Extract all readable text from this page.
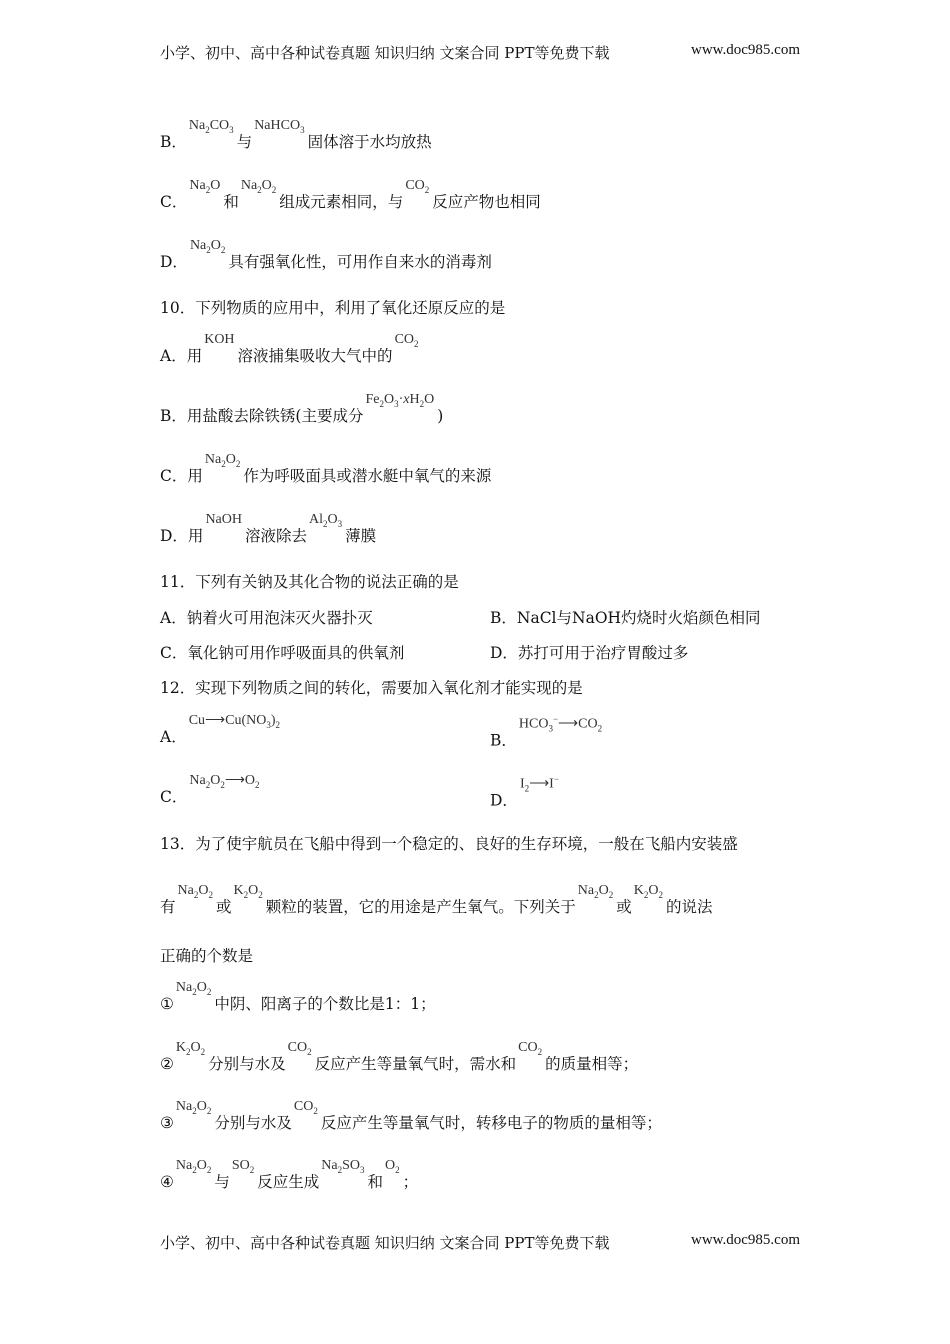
小学、初中、高中各种试卷真题 知识归纳 文案合同 PPT等免费下载	www.doc985.com
B．$Na_2CO_3$与NaHCO$_3$固体溶于水均放热
C．$Na_2O$和$Na_2O_2$组成元素相同，与$CO_2$反应产物也相同
D．$Na_2O_2$具有强氧化性，可用作自来水的消毒剂
10．下列物质的应用中，利用了氧化还原反应的是
A．用KOH溶液捕集吸收大气中的$CO_2$
B．用盐酸去除铁锈(主要成分$Fe_2O_3\cdot xH_2O$)
C．用$Na_2O_2$作为呼吸面具或潜水艇中氧气的来源
D．用NaOH溶液除去$Al_2O_3$薄膜
11．下列有关钠及其化合物的说法正确的是
A．钠着火可用泡沫灭火器扑灭	B．NaCl与NaOH灼烧时火焰颜色相同
C．氧化钠可用作呼吸面具的供氧剂	D．苏打可用于治疗胃酸过多
12．实现下列物质之间的转化，需要加入氧化剂才能实现的是
A．$Cu⟶Cu(NO_3)_2$
B．$HCO_3^-⟶CO_2$
C．$Na_2O_2⟶O_2$
D．$I_2⟶I^-$
13．为了使宇航员在飞船中得到一个稳定的、良好的生存环境，一般在飞船内安装盛
有$Na_2O_2$或$K_2O_2$颗粒的装置，它的用途是产生氧气。下列关于$Na_2O_2$或$K_2O_2$的说法
正确的个数是
$①Na_2O_2$中阴、阳离子的个数比是1：1；
$②K_2O_2$分别与水及$CO_2$反应产生等量氧气时，需水和$CO_2$的质量相等；
$③Na_2O_2$分别与水及$CO_2$反应产生等量氧气时，转移电子的物质的量相等；
$④Na_2O_2$与$SO_2$反应生成$Na_2SO_3$和$O_2$；
小学、初中、高中各种试卷真题 知识归纳 文案合同 PPT等免费下载	www.doc985.com
